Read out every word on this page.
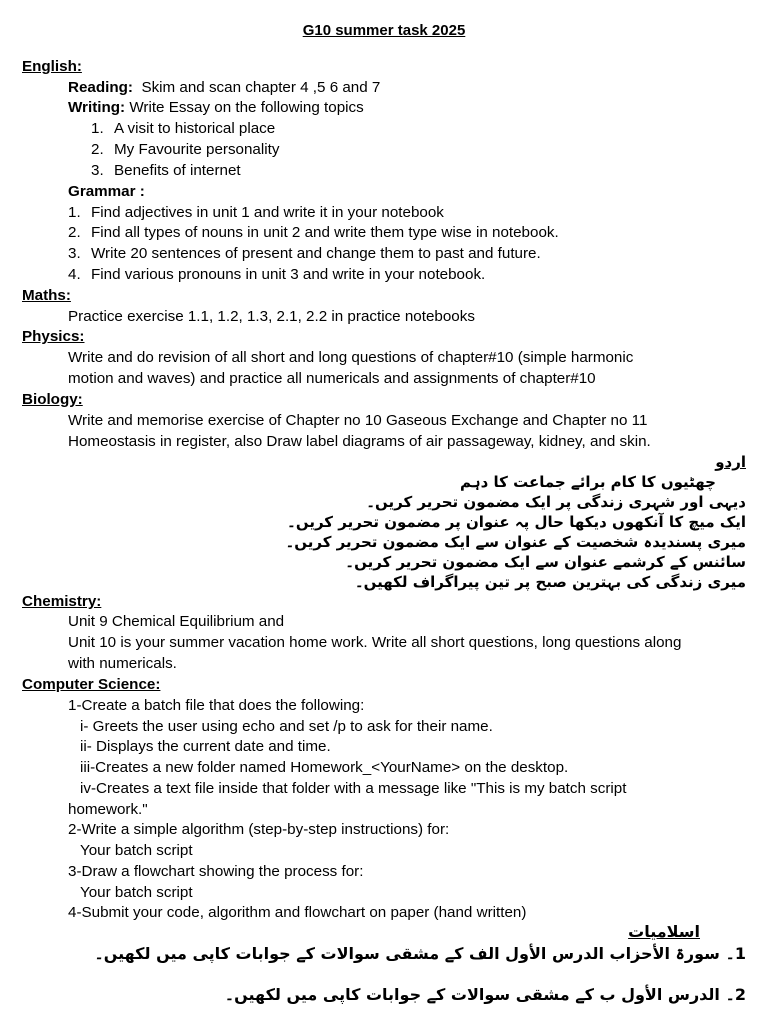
G10 summer task 2025
English:
Reading: Skim and scan chapter 4 ,5 6 and 7
Writing: Write Essay on the following topics
1. A visit to historical place
2. My Favourite personality
3. Benefits of internet
Grammar :
1. Find adjectives in unit 1 and write it in your notebook
2. Find all types of nouns in unit 2 and write them type wise in notebook.
3. Write 20 sentences of present and change them to past and future.
4. Find various pronouns in unit 3 and write in your notebook.
Maths:
Practice exercise 1.1, 1.2, 1.3, 2.1, 2.2 in practice notebooks
Physics:
Write and do revision of all short and long questions of chapter#10 (simple harmonic
motion and waves) and practice all numericals and assignments of chapter#10
Biology:
Write and memorise exercise of Chapter no 10 Gaseous Exchange and Chapter no 11
Homeostasis in register, also Draw label diagrams of air passageway, kidney, and skin.
اردو
چھٹیوں کا کام برائے جماعت کا دہم
دیہی اور شہری زندگی پر ایک مضمون تحریر کریں۔
ایک میچ کا آنکھوں دیکھا حال پہ عنوان پر مضمون تحریر کریں۔
میری پسندیدہ شخصیت کے عنوان سے ایک مضمون تحریر کریں۔
سائنس کے کرشمے عنوان سے ایک مضمون تحریر کریں۔
میری زندگی کی بہترین صبح پر تین پیراگراف لکھیں۔
Chemistry:
Unit 9 Chemical Equilibrium and
Unit 10 is your summer vacation home work. Write all short questions, long questions along
with numericals.
Computer Science:
1-Create a batch file that does the following:
i- Greets the user using echo and set /p to ask for their name.
ii- Displays the current date and time.
iii-Creates a new folder named Homework_<YourName> on the desktop.
iv-Creates a text file inside that folder with a message like "This is my batch script
homework."
2-Write a simple algorithm (step-by-step instructions) for:
Your batch script
3-Draw a flowchart showing the process for:
Your batch script
4-Submit your code, algorithm and flowchart on paper (hand written)
اسلامیات
1۔ سورۃ الأحزاب الدرس الأول الف کے مشقی سوالات کے جوابات کاپی میں لکھیں۔
2۔ الدرس الأول ب کے مشقی سوالات کے جوابات کاپی میں لکھیں۔
